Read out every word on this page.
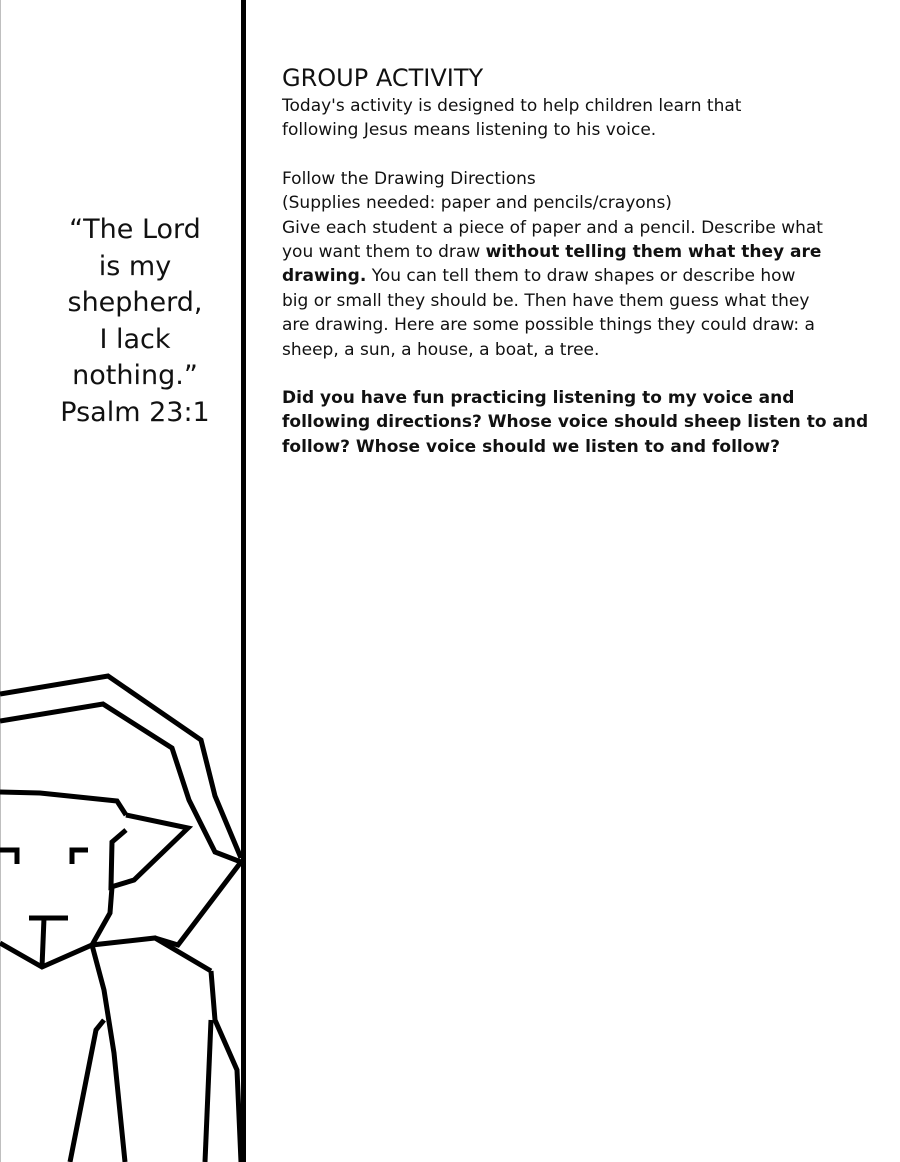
“The Lord
is my
shepherd,
I lack
nothing.”
Psalm 23:1
GROUP ACTIVITY
Today's activity is designed to help children learn that
following Jesus means listening to his voice.
Follow the Drawing Directions
(Supplies needed: paper and pencils/crayons)
Give each student a piece of paper and a pencil. Describe what
you want them to draw without telling them what they are
drawing. You can tell them to draw shapes or describe how
big or small they should be. Then have them guess what they
are drawing. Here are some possible things they could draw: a
sheep, a sun, a house, a boat, a tree.
Did you have fun practicing listening to my voice and
following directions? Whose voice should sheep listen to and
follow? Whose voice should we listen to and follow?
